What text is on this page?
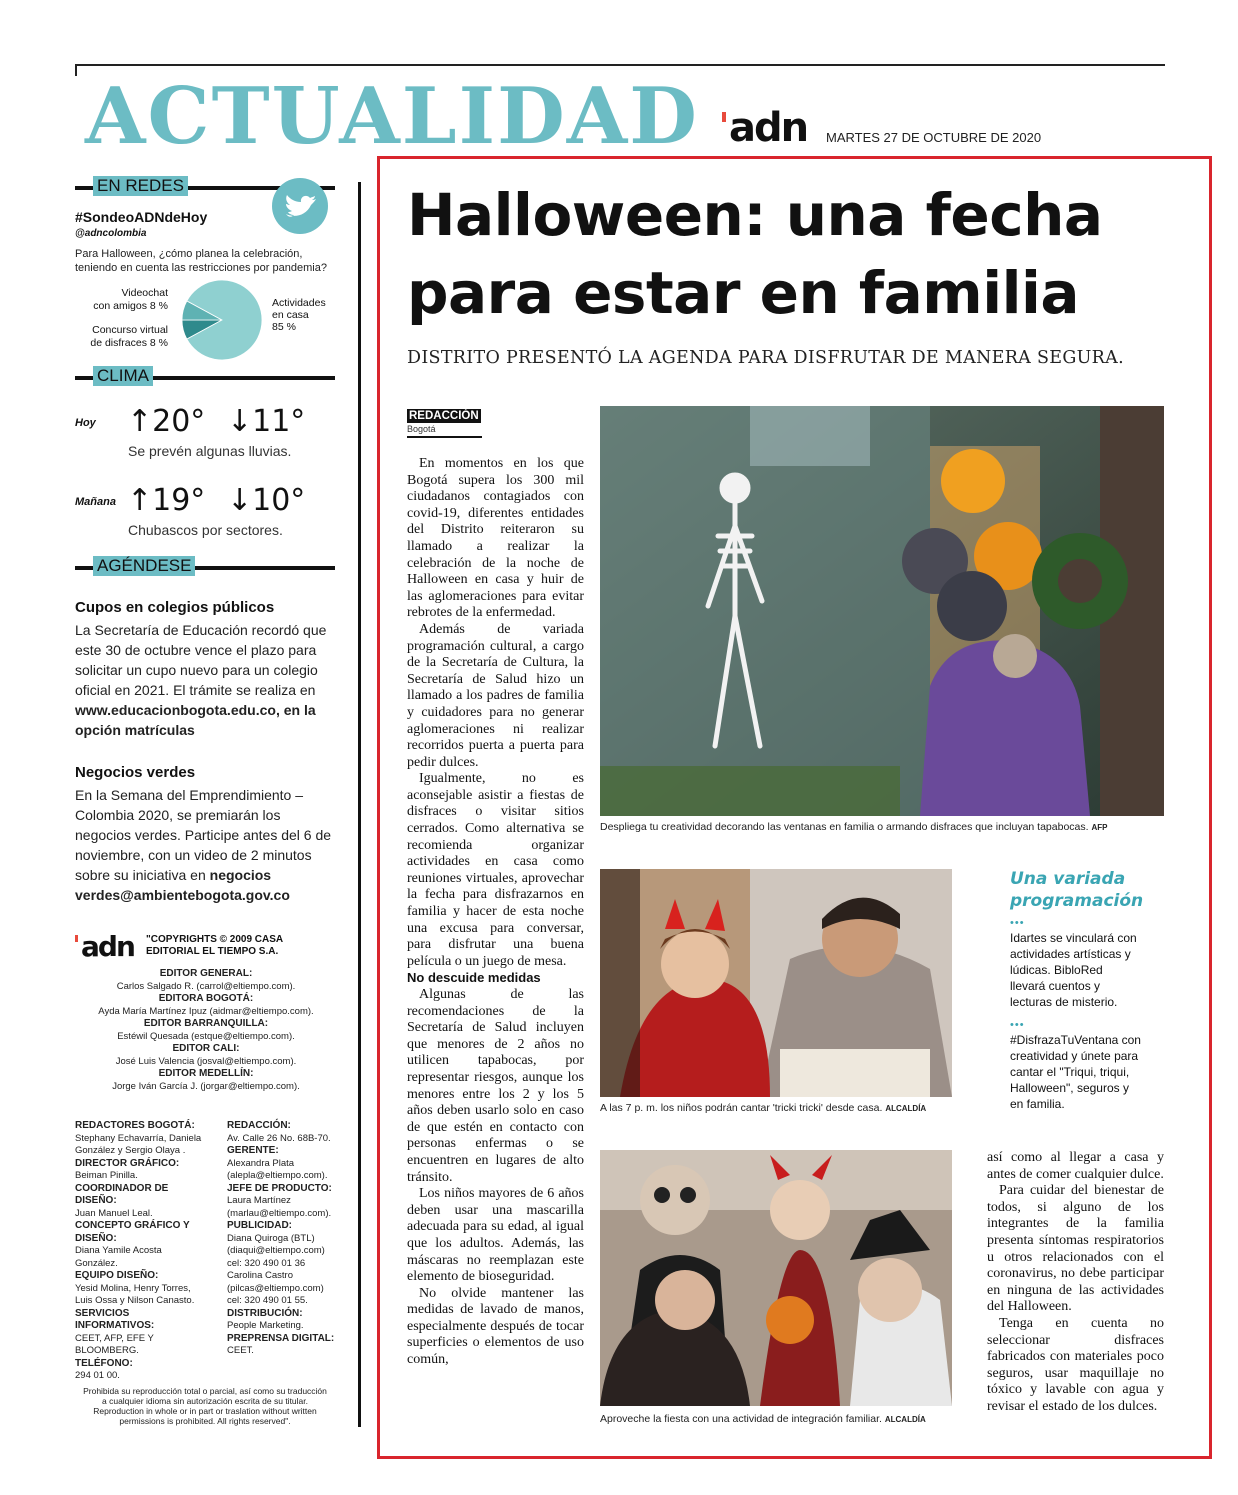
ACTUALIDAD adn MARTES 27 DE OCTUBRE DE 2020
EN REDES
#SondeoADNdeHoy
@adncolombia
Para Halloween, ¿cómo planea la celebración, teniendo en cuenta las restricciones por pandemia?
Videochat
con amigos 8 %
Concurso virtual
de disfraces 8 %
Actividades
en casa
85 %
CLIMA
Hoy ↑20° ↓11°
Se prevén algunas lluvias.
Mañana ↑19° ↓10°
Chubascos por sectores.
AGÉNDESE
Cupos en colegios públicos
La Secretaría de Educación recordó que este 30 de octubre vence el plazo para solicitar un cupo nuevo para un colegio oficial en 2021. El trámite se realiza en www.educacionbogota.edu.co, en la opción matrículas
Negocios verdes
En la Semana del Emprendimiento – Colombia 2020, se premiarán los negocios verdes. Participe antes del 6 de noviembre, con un video de 2 minutos sobre su iniciativa en negocios verdes@ambientebogota.gov.co
adn "COPYRIGHTS © 2009 CASA EDITORIAL EL TIEMPO S.A.
EDITOR GENERAL:
Carlos Salgado R. (carrol@eltiempo.com).
EDITORA BOGOTÁ:
Ayda María Martínez Ipuz (aidmar@eltiempo.com).
EDITOR BARRANQUILLA:
Estéwil Quesada (estque@eltiempo.com).
EDITOR CALI:
José Luis Valencia (josval@eltiempo.com).
EDITOR MEDELLÍN:
Jorge Iván García J. (jorgar@eltiempo.com).
REDACTORES BOGOTÁ:
Stephany Echavarría, Daniela González y Sergio Olaya .
DIRECTOR GRÁFICO:
Beiman Pinilla.
COORDINADOR DE DISEÑO:
Juan Manuel Leal.
CONCEPTO GRÁFICO Y DISEÑO:
Diana Yamile Acosta González.
EQUIPO DISEÑO:
Yesid Molina, Henry Torres, Luis Ossa y Nilson Canasto.
SERVICIOS INFORMATIVOS:
CEET, AFP, EFE Y BLOOMBERG.
TELÉFONO:
294 01 00.
REDACCIÓN:
Av. Calle 26 No. 68B-70.
GERENTE:
Alexandra Plata (alepla@eltiempo.com).
JEFE DE PRODUCTO:
Laura Martínez (marlau@eltiempo.com).
PUBLICIDAD:
Diana Quiroga (BTL) (diaqui@eltiempo.com) cel: 320 490 01 36 Carolina Castro (pilcas@eltiempo.com) cel: 320 490 01 55.
DISTRIBUCIÓN:
People Marketing.
PREPRENSA DIGITAL:
CEET.
Prohibida su reproducción total o parcial, así como su traducción a cualquier idioma sin autorización escrita de su titular. Reproduction in whole or in part or traslation without written permissions is prohibited. All rights reserved".
Halloween: una fecha
para estar en familia
DISTRITO PRESENTÓ LA AGENDA PARA DISFRUTAR DE MANERA SEGURA.
REDACCIÓN
Bogotá

En momentos en los que Bogotá supera los 300 mil ciudadanos contagiados con covid-19, diferentes entidades del Distrito reiteraron su llamado a realizar la celebración de la noche de Halloween en casa y huir de las aglomeraciones para evitar rebrotes de la enfermedad.

Además de variada programación cultural, a cargo de la Secretaría de Cultura, la Secretaría de Salud hizo un llamado a los padres de familia y cuidadores para no generar aglomeraciones ni realizar recorridos puerta a puerta para pedir dulces.

Igualmente, no es aconsejable asistir a fiestas de disfraces o visitar sitios cerrados. Como alternativa se recomienda organizar actividades en casa como reuniones virtuales, aprovechar la fecha para disfrazarnos en familia y hacer de esta noche una excusa para conversar, para disfrutar una buena película o un juego de mesa.

No descuide medidas

Algunas de las recomendaciones de la Secretaría de Salud incluyen que menores de 2 años no utilicen tapabocas, por representar riesgos, aunque los menores entre los 2 y los 5 años deben usarlo solo en caso de que estén en contacto con personas enfermas o se encuentren en lugares de alto tránsito.

Los niños mayores de 6 años deben usar una mascarilla adecuada para su edad, al igual que los adultos. Además, las máscaras no reemplazan este elemento de bioseguridad.

No olvide mantener las medidas de lavado de manos, especialmente después de tocar superficies o elementos de uso común,

Despliega tu creatividad decorando las ventanas en familia o armando disfraces que incluyan tapabocas. AFP
A las 7 p. m. los niños podrán cantar 'tricki tricki' desde casa. ALCALDÍA
Aproveche la fiesta con una actividad de integración familiar. ALCALDÍA
Una variada
programación
•••
Idartes se vinculará con actividades artísticas y lúdicas. BibloRed llevará cuentos y lecturas de misterio.
•••
#DisfrazaTuVentana con creatividad y únete para cantar el "Triqui, triqui, Halloween", seguros y en familia.

así como al llegar a casa y antes de comer cualquier dulce.

Para cuidar del bienestar de todos, si alguno de los integrantes de la familia presenta síntomas respiratorios u otros relacionados con el coronavirus, no debe participar en ninguna de las actividades del Halloween.

Tenga en cuenta no seleccionar disfraces fabricados con materiales poco seguros, usar maquillaje no tóxico y lavable con agua y revisar el estado de los dulces.
